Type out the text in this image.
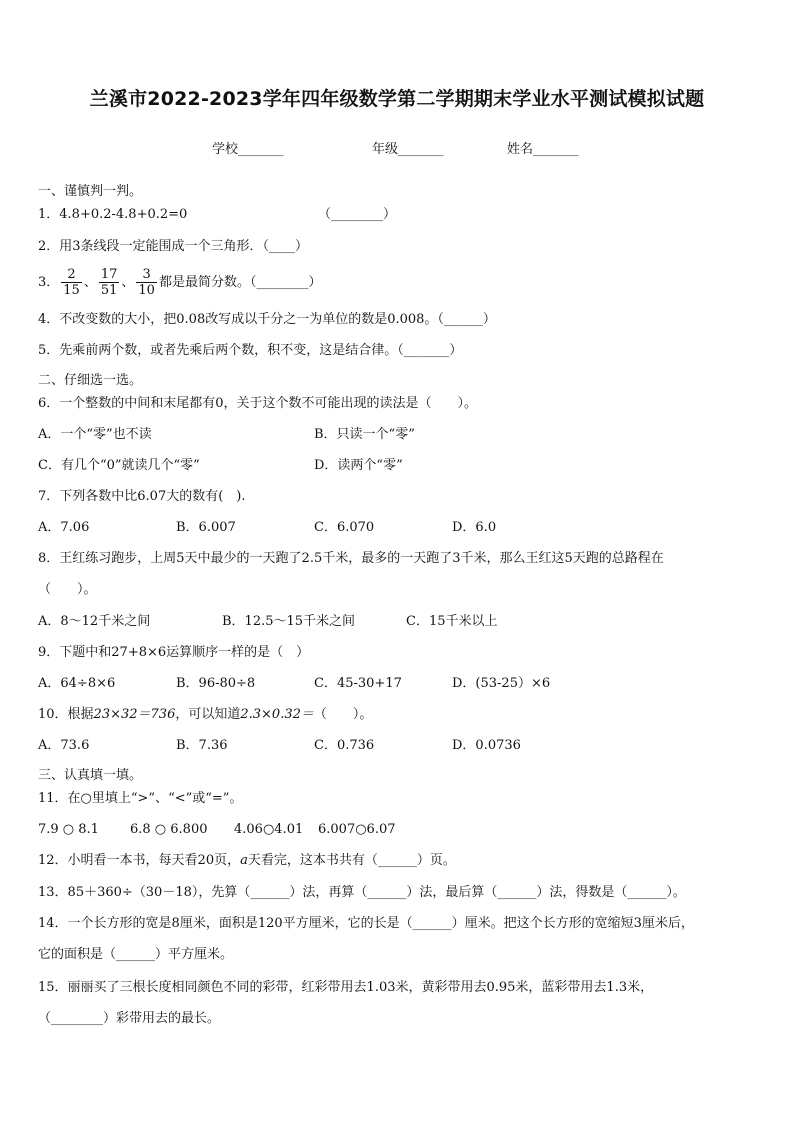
兰溪市2022-2023学年四年级数学第二学期期末学业水平测试模拟试题
学校_______	年级_______	姓名_______
一、谨慎判一判。
1．4.8+0.2-4.8+0.2=0	（________）
2．用3条线段一定能围成一个三角形．（____）
3． $\frac{2}{15}$ 、 $\frac{17}{51}$ 、 $\frac{3}{10}$ 都是最简分数。（________）
4．不改变数的大小，把0.08改写成以千分之一为单位的数是0.008。（______）
5．先乘前两个数，或者先乘后两个数，积不变，这是结合律。（_______）
二、仔细选一选。
6．一个整数的中间和末尾都有0，关于这个数不可能出现的读法是（　　）。
A．一个“零”也不读	B．只读一个“零”
C．有几个“0”就读几个“零”	D．读两个“零”
7．下列各数中比6.07大的数有(　).
A．7.06	B．6.007	C．6.070	D．6.0
8．王红练习跑步，上周5天中最少的一天跑了2.5千米，最多的一天跑了3千米，那么王红这5天跑的总路程在
（　　）。
A．8～12千米之间	B．12.5～15千米之间	C．15千米以上
9．下题中和27+8×6运算顺序一样的是（　）
A．64÷8×6	B．96-80÷8	C．45-30+17	D．(53-25）×6
10．根据23×32＝736，可以知道2.3×0.32＝（　　）。
A．73.6	B．7.36	C．0.736	D．0.0736
三、认真填一填。
11．在○里填上“>”、“<”或“=”。
7.9 ○ 8.1 6.8 ○ 6.800 4.06○4.01 6.007○6.07
12．小明看一本书，每天看20页，a天看完，这本书共有（______）页。
13．85＋360÷（30－18），先算（______）法，再算（______）法，最后算（______）法，得数是（______）。
14．一个长方形的宽是8厘米，面积是120平方厘米，它的长是（______）厘米。把这个长方形的宽缩短3厘米后，
它的面积是（______）平方厘米。
15．丽丽买了三根长度相同颜色不同的彩带，红彩带用去1.03米，黄彩带用去0.95米，蓝彩带用去1.3米，
（________）彩带用去的最长。
